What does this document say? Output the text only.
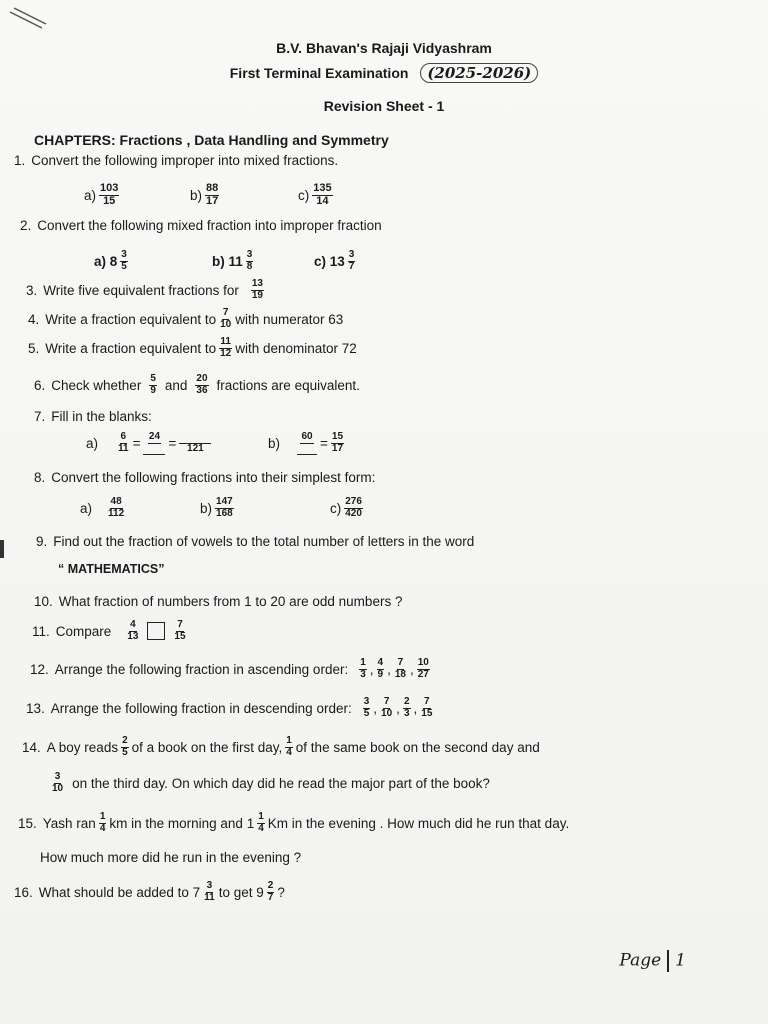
B.V. Bhavan's Rajaji Vidyashram
First Terminal Examination (2025-2026)
Revision Sheet - 1
CHAPTERS: Fractions , Data Handling and Symmetry
1. Convert the following improper into mixed fractions.
$a) \frac{103}{15}$	$b) \frac{88}{17}$	$c) \frac{135}{14}$
2. Convert the following mixed fraction into improper fraction
a) $8 \frac{3}{5}$	b) $11 \frac{3}{8}$	c) $13 \frac{3}{7}$
3. Write five equivalent fractions for $\frac{13}{19}$
4. Write a fraction equivalent to $\frac{7}{10}$ with numerator 63
5. Write a fraction equivalent to $\frac{11}{12}$ with denominator 72
6. Check whether $\frac{5}{9}$ and $\frac{20}{36}$ fractions are equivalent.
7. Fill in the blanks:
$a) \frac{6}{11} = 24 = 121$	b) $60 = \frac{15}{17}$
8. Convert the following fractions into their simplest form:
$a) \frac{48}{112}$	$b) \frac{147}{168}$	$c) \frac{276}{420}$
9. Find out the fraction of vowels to the total number of letters in the word
“ MATHEMATICS”
10. What fraction of numbers from 1 to 20 are odd numbers ?
11. Compare $\frac{4}{13}$	$\frac{7}{15}$
12. Arrange the following fraction in ascending order: $\frac{1}{3}$ , $\frac{4}{9}$ , $\frac{7}{18}$ , $\frac{10}{27}$
13. Arrange the following fraction in descending order: $\frac{3}{5}$ , $\frac{7}{10}$ , $\frac{2}{3}$ , $\frac{7}{15}$
14. A boy reads $\frac{2}{5}$ of a book on the first day, $\frac{1}{4}$ of the same book on the second day and
$\frac{3}{10}$ on the third day. On which day did he read the major part of the book?
15. Yash ran $\frac{1}{4}$ km in the morning and $1 \frac{1}{4}$ Km in the evening . How much did he run that day.
How much more did he run in the evening ?
16. What should be added to $7 \frac{3}{11}$ to get $9 \frac{2}{7}$ ?
Page 1
